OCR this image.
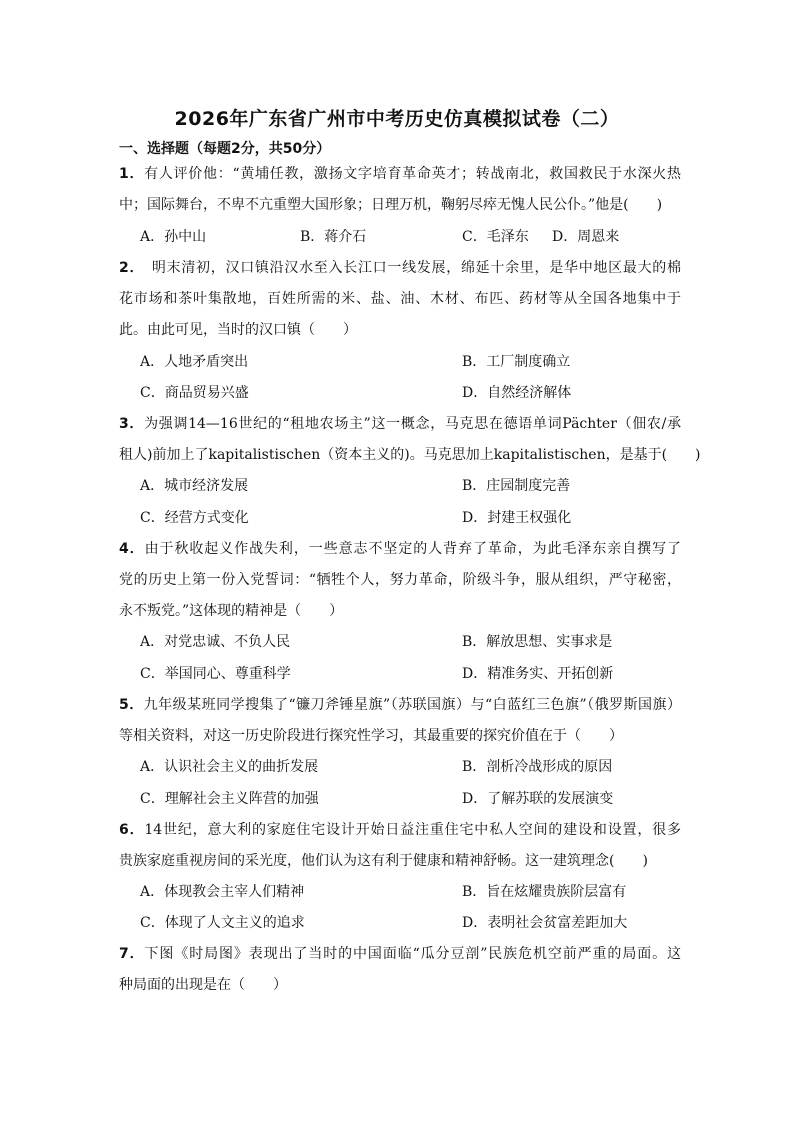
2026年广东省广州市中考历史仿真模拟试卷（二）
一、选择题（每题2分，共50分）
1．有人评价他：“黄埔任教，激扬文字培育革命英才；转战南北，救国救民于水深火热
中；国际舞台，不卑不亢重塑大国形象；日理万机，鞠躬尽瘁无愧人民公仆。”他是(　　)
A．孙中山	B．蒋介石	C．毛泽东 D．周恩来
2．　明末清初，汉口镇沿汉水至入长江口一线发展，绵延十余里，是华中地区最大的棉
花市场和茶叶集散地，百姓所需的米、盐、油、木材、布匹、药材等从全国各地集中于
此。由此可见，当时的汉口镇（　　）
A．人地矛盾突出	B．工厂制度确立
C．商品贸易兴盛	D．自然经济解体
3．为强调14—16世纪的“租地农场主”这一概念，马克思在德语单词Pächter（佃农/承
租人)前加上了kapitalistischen（资本主义的)。马克思加上kapitalistischen，是基于(　　)
A．城市经济发展	B．庄园制度完善
C．经营方式变化	D．封建王权强化
4．由于秋收起义作战失利，一些意志不坚定的人背弃了革命，为此毛泽东亲自撰写了
党的历史上第一份入党誓词：“牺牲个人，努力革命，阶级斗争，服从组织，严守秘密，
永不叛党。”这体现的精神是（　　）
A．对党忠诚、不负人民	B．解放思想、实事求是
C．举国同心、尊重科学	D．精准务实、开拓创新
5．九年级某班同学搜集了“镰刀斧锤星旗”（苏联国旗）与“白蓝红三色旗”（俄罗斯国旗）
等相关资料，对这一历史阶段进行探究性学习，其最重要的探究价值在于（　　）
A．认识社会主义的曲折发展	B．剖析冷战形成的原因
C．理解社会主义阵营的加强	D．了解苏联的发展演变
6．14世纪，意大利的家庭住宅设计开始日益注重住宅中私人空间的建设和设置，很多
贵族家庭重视房间的采光度，他们认为这有利于健康和精神舒畅。这一建筑理念(　　)
A．体现教会主宰人们精神	B．旨在炫耀贵族阶层富有
C．体现了人文主义的追求	D．表明社会贫富差距加大
7．下图《时局图》表现出了当时的中国面临“瓜分豆剖”民族危机空前严重的局面。这
种局面的出现是在（　　）
